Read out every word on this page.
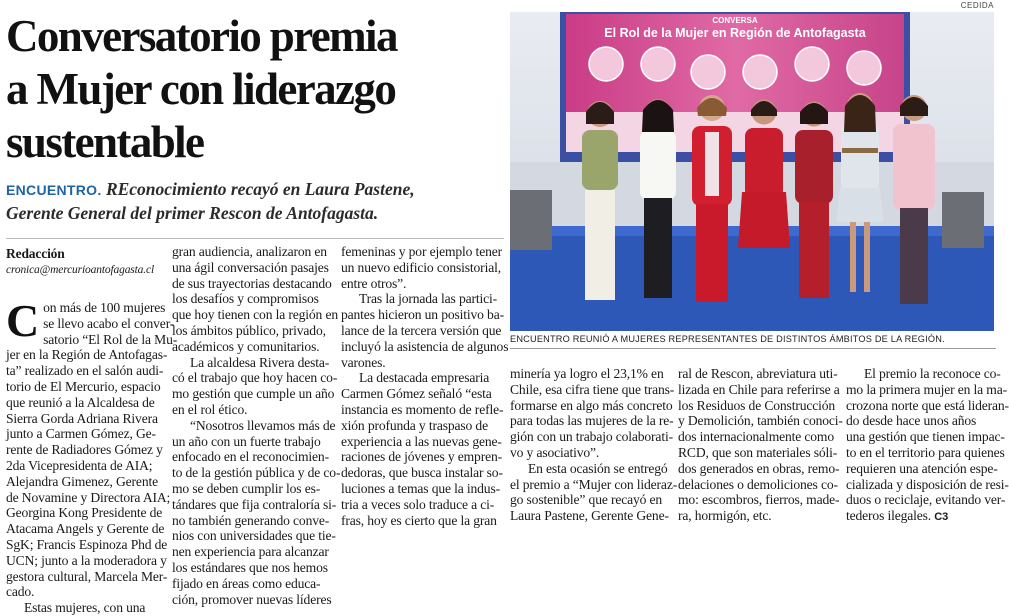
Conversatorio premia
a Mujer con liderazgo
sustentable
ENCUENTRO. REconocimiento recayó en Laura Pastene,
Gerente General del primer Rescon de Antofagasta.
CEDIDA
CONVERSA
El Rol de la Mujer en Región de Antofagasta
ENCUENTRO REUNIÓ A MUJERES REPRESENTANTES DE DISTINTOS ÁMBITOS DE LA REGIÓN.
Redacción
cronica@mercurioantofagasta.cl
C on más de 100 mujeres
se llevo acabo el conver-
satorio “El Rol de la Mu-
jer en la Región de Antofagas-
ta” realizado en el salón audi-
torio de El Mercurio, espacio
que reunió a la Alcaldesa de
Sierra Gorda Adriana Rivera
junto a Carmen Gómez, Ge-
rente de Radiadores Gómez y
2da Vicepresidenta de AIA;
Alejandra Gimenez, Gerente
de Novamine y Directora AIA;
Georgina Kong Presidente de
Atacama Angels y Gerente de
SgK; Francis Espinoza Phd de
UCN; junto a la moderadora y
gestora cultural, Marcela Mer-
cado.
Estas mujeres, con una
gran audiencia, analizaron en
una ágil conversación pasajes
de sus trayectorias destacando
los desafíos y compromisos
que hoy tienen con la región en
los ámbitos público, privado,
académicos y comunitarios.
La alcaldesa Rivera desta-
có el trabajo que hoy hacen co-
mo gestión que cumple un año
en el rol ético.
“Nosotros llevamos más de
un año con un fuerte trabajo
enfocado en el reconocimien-
to de la gestión pública y de co-
mo se deben cumplir los es-
tándares que fija contraloría si-
no también generando conve-
nios con universidades que tie-
nen experiencia para alcanzar
los estándares que nos hemos
fijado en áreas como educa-
ción, promover nuevas líderes
femeninas y por ejemplo tener
un nuevo edificio consistorial,
entre otros”.
Tras la jornada las partici-
pantes hicieron un positivo ba-
lance de la tercera versión que
incluyó la asistencia de algunos
varones.
La destacada empresaria
Carmen Gómez señaló “esta
instancia es momento de refle-
xión profunda y traspaso de
experiencia a las nuevas gene-
raciones de jóvenes y empren-
dedoras, que busca instalar so-
luciones a temas que la indus-
tria a veces solo traduce a ci-
fras, hoy es cierto que la gran
minería ya logro el 23,1% en
Chile, esa cifra tiene que trans-
formarse en algo más concreto
para todas las mujeres de la re-
gión con un trabajo colaborati-
vo y asociativo”.
En esta ocasión se entregó
el premio a “Mujer con lideraz-
go sostenible” que recayó en
Laura Pastene, Gerente Gene-
ral de Rescon, abreviatura uti-
lizada en Chile para referirse a
los Residuos de Construcción
y Demolición, también conoci-
dos internacionalmente como
RCD, que son materiales sóli-
dos generados en obras, remo-
delaciones o demoliciones co-
mo: escombros, fierros, made-
ra, hormigón, etc.
El premio la reconoce co-
mo la primera mujer en la ma-
crozona norte que está lideran-
do desde hace unos años
una gestión que tienen impac-
to en el territorio para quienes
requieren una atención espe-
cializada y disposición de resi-
duos o reciclaje, evitando ver-
tederos ilegales. C3
